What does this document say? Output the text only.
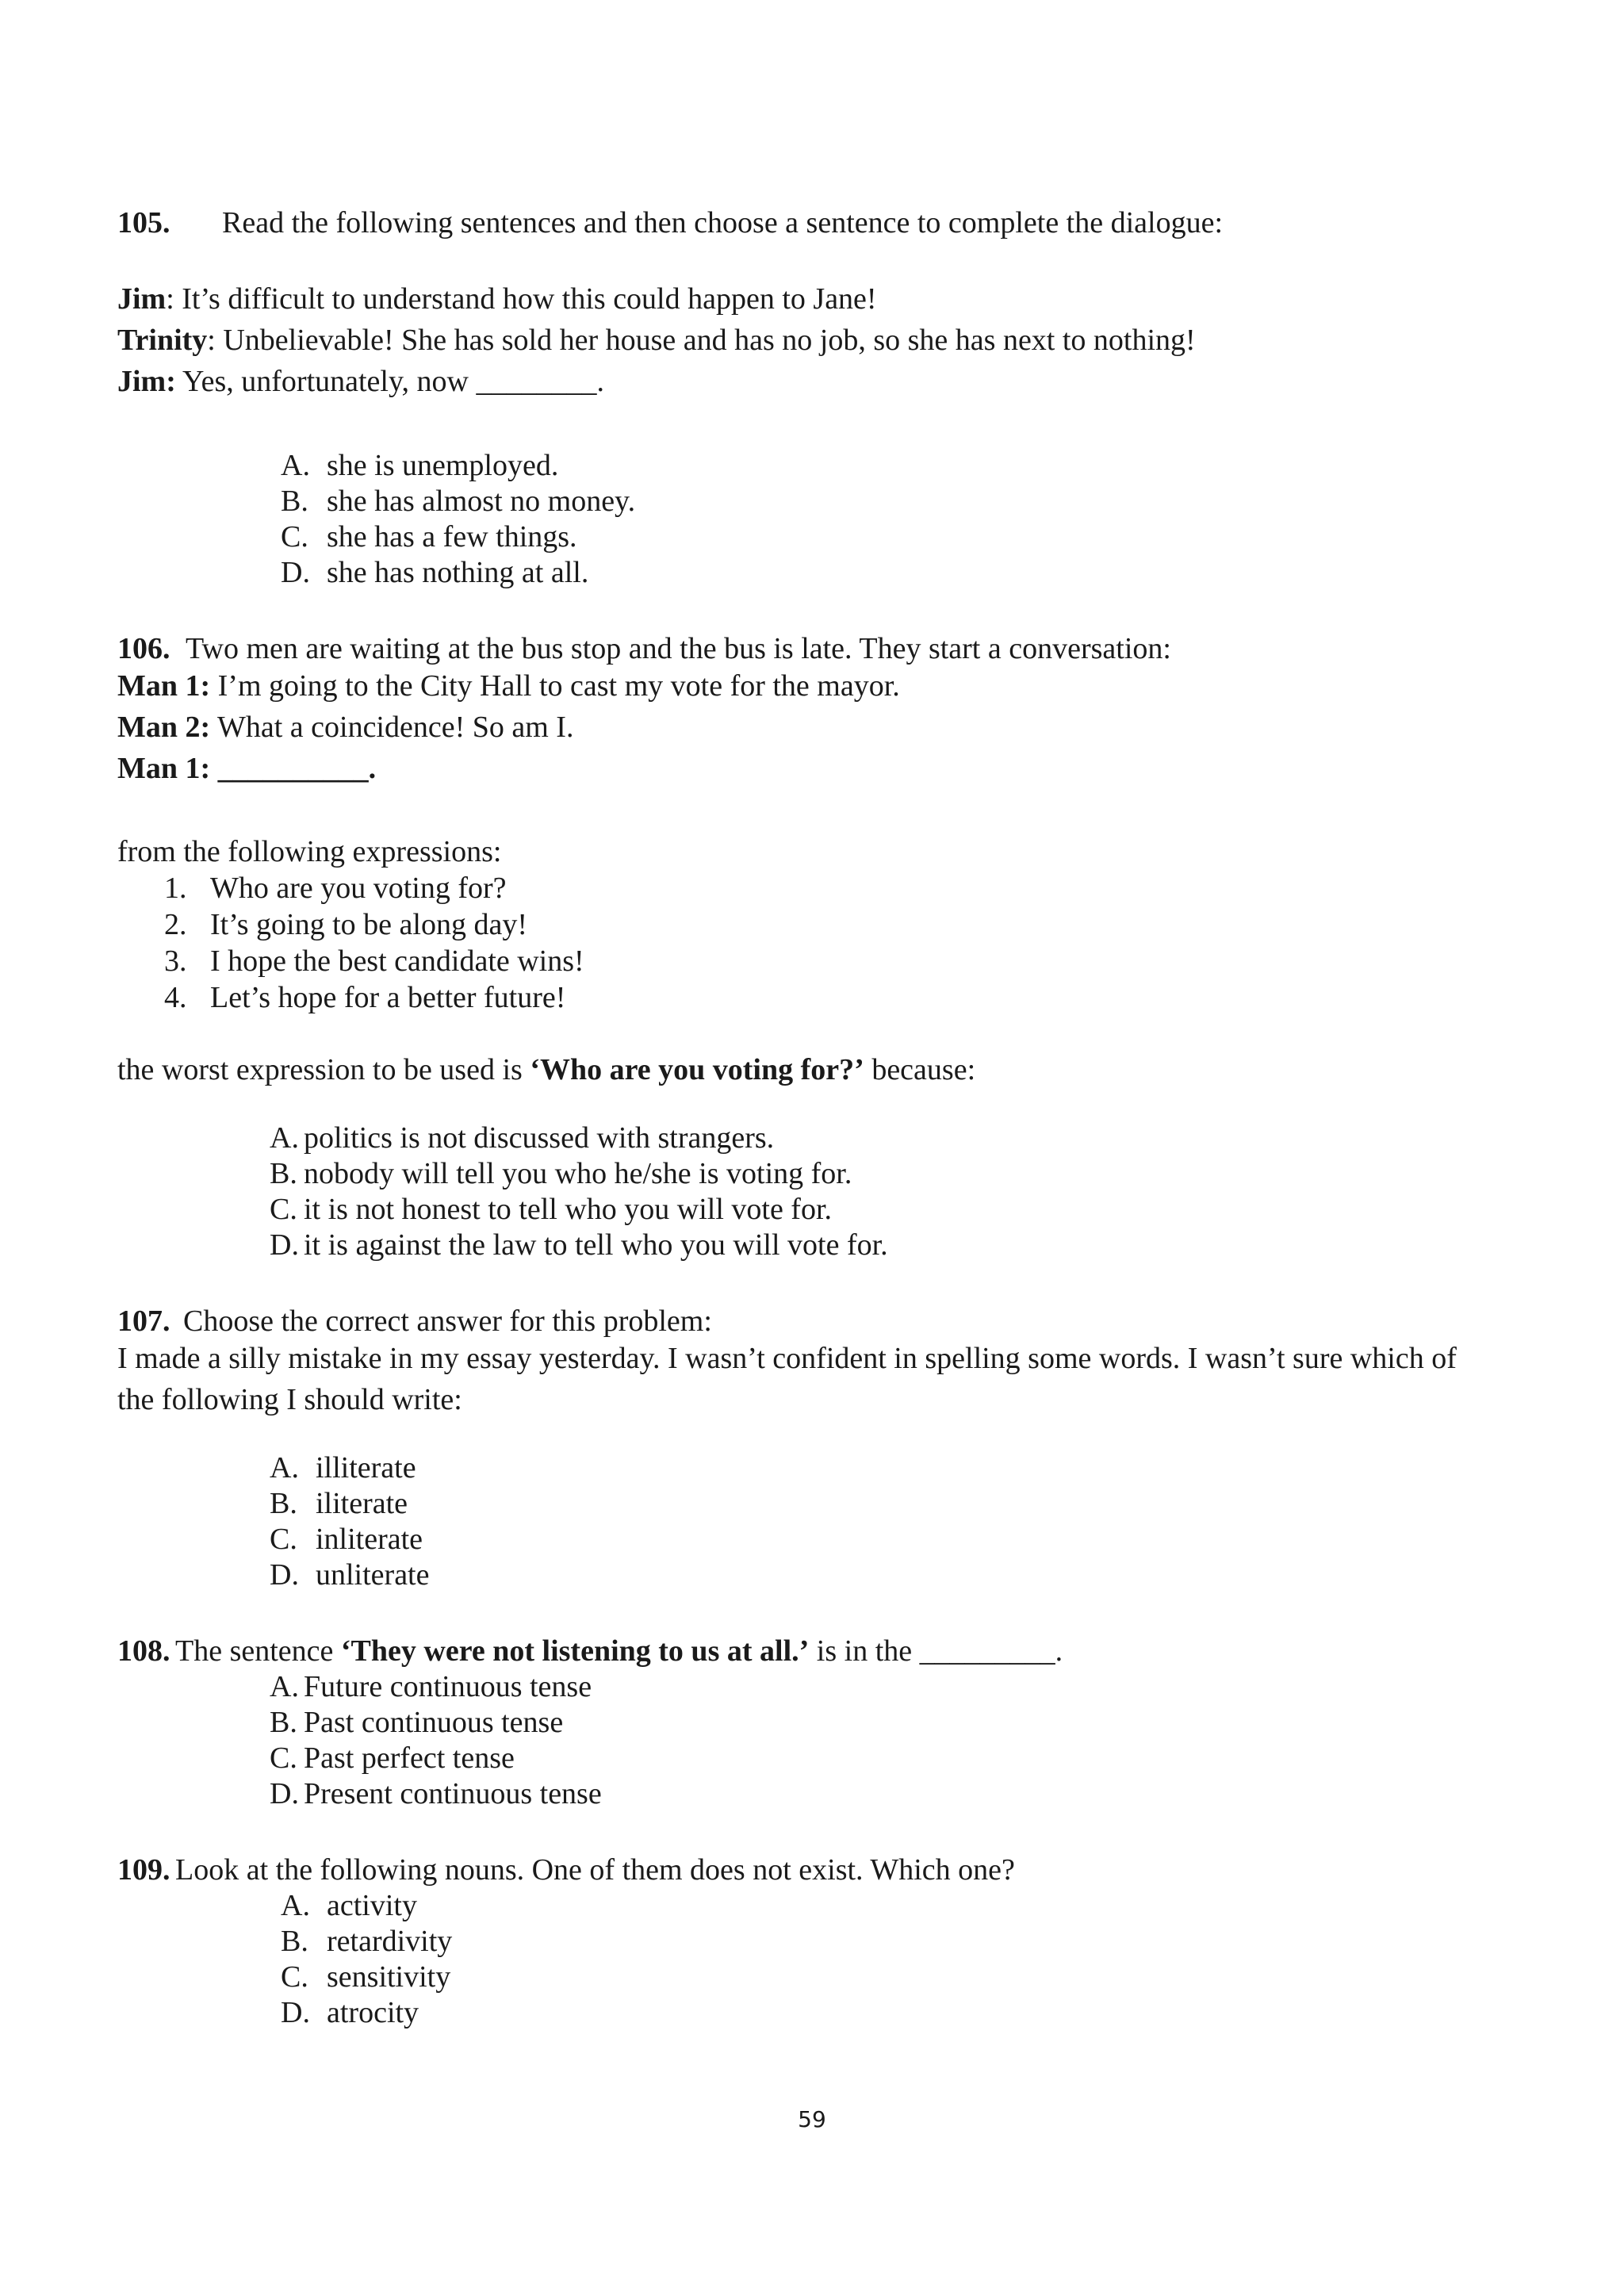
105. Read the following sentences and then choose a sentence to complete the dialogue:
Jim: It’s difficult to understand how this could happen to Jane!
Trinity: Unbelievable! She has sold her house and has no job, so she has next to nothing!
Jim: Yes, unfortunately, now ________.
A. she is unemployed.
B. she has almost no money.
C. she has a few things.
D. she has nothing at all.
106. Two men are waiting at the bus stop and the bus is late. They start a conversation:
Man 1: I’m going to the City Hall to cast my vote for the mayor.
Man 2: What a coincidence! So am I.
Man 1: __________.
from the following expressions:
1. Who are you voting for?
2. It’s going to be along day!
3. I hope the best candidate wins!
4. Let’s hope for a better future!
the worst expression to be used is ‘Who are you voting for?’ because:
A. politics is not discussed with strangers.
B. nobody will tell you who he/she is voting for.
C. it is not honest to tell who you will vote for.
D. it is against the law to tell who you will vote for.
107. Choose the correct answer for this problem:
I made a silly mistake in my essay yesterday. I wasn’t confident in spelling some words. I wasn’t sure which of
the following I should write:
A. illiterate
B. iliterate
C. inliterate
D. unliterate
108. The sentence ‘They were not listening to us at all.’ is in the _________.
A. Future continuous tense
B. Past continuous tense
C. Past perfect tense
D. Present continuous tense
109. Look at the following nouns. One of them does not exist. Which one?
A. activity
B. retardivity
C. sensitivity
D. atrocity
59
